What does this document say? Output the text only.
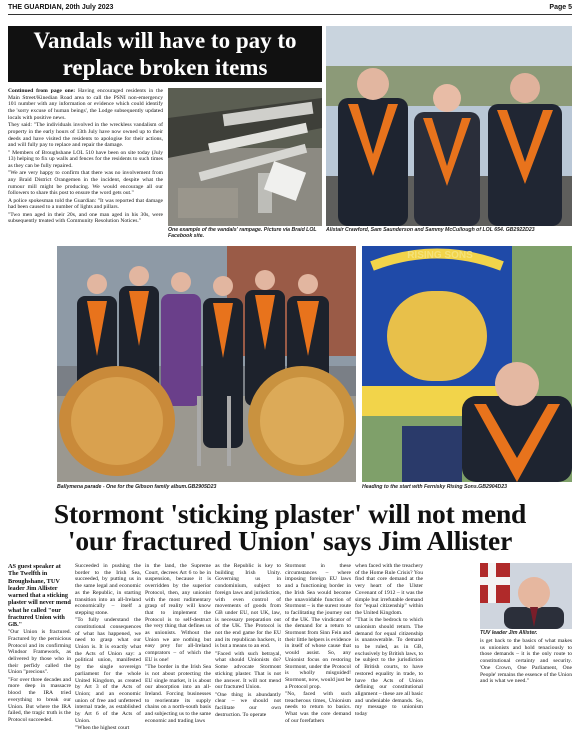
THE GUARDIAN, 20th July 2023	Page 5
Vandals will have to pay to
replace broken items

Continued from page one: Having encouraged residents in the Main Street/Kinedian Road area to call the PSNI non-emergency 101 number with any information or evidence which could identify the 'sorry excuse of human beings', the Lodge subsequently updated locals with positive news.

They said: "The individuals involved in the wreckless vandalism of property in the early hours of 13th July have now owned up to their deeds and have visited the residents to apologise for their actions, and will fully pay to replace and repair the damage.

" Members of Broughshane LOL 510 have been on site today (July 13) helping to fix up walls and fences for the residents to such times as they can be fully repaired.

"We are very happy to confirm that there was no involvement from any Braid District Orangemen in the incident, despite what the rumour mill might be producing. We would encourage all our followers to share this post to ensure the word gets out."

A police spokesman told the Guardian: "It was reported that damage had been caused to a number of lights and pillars.

"Two men aged in their 20s, and one man aged in his 30s, were subsequently treated with Community Resolution Notices."

One example of the vandals' rampage. Picture via Braid LOL Facebook site.
Alistair Crawford, Sam Saunderson and Sammy McCullough of LOL 654. GB2922D23
Ballymena parade - One for the Gibson family album.GB2905D23
RISING SONS
Heading to the start with Fernisky Rising Sons.GB2904D23
Stormont 'sticking plaster' will not mend
'our fractured Union' says Jim Allister

AS guest speaker at The Twelfth in Broughshane, TUV leader Jim Allister warned that a sticking plaster will never mend what he called "our fractured Union with GB."

"Our Union is fractured. Fractured by the pernicious Protocol and its confirming Windsor Framework, as delivered by those who in their perfidy called the Union "precious".

"For over three decades and more deep in massacre blood the IRA tried everything to break our Union. But where the IRA failed, the tragic truth is the Protocol succeeded.

Succeeded in pushing the border to the Irish Sea, succeeded, by putting us in the same legal and economic as the Republic, in starting transition into an all-Ireland economically – itself a stepping stone.

"To fully understand the constitutional consequences of what has happened, we need to grasp what our Union is. It is exactly what the Acts of Union say: a political union, manifested by the single sovereign parliament for the whole United Kingdom, as created by Art 3 of the Acts of Union; and an economic union of free and unfettered internal trade, as established by Art 6 of the Acts of Union.

"When the highest court

in the land, the Supreme Court, decrees Art 6 to be in suspension, because it is overridden by the superior Protocol, then, any unionist with the most rudimentary grasp of reality will know that to implement the Protocol is to self-destruct the very thing that defines us as unionists. Without the Union we are nothing but easy prey for all-Ireland comprators – of which the EU is one!

"The border in the Irish Sea is not about protecting the EU single market, it is about our absorption into an all-Ireland. Forcing businesses to reorientate its supply chains on a north-south basis and subjecting us to the same economic and trading laws

as the Republic is key to building Irish Unity. Governing us in condominium, subject to foreign laws and jurisdiction, with even control of movements of goods from GB under EU, not UK, law, is necessary preparation out of the UK. The Protocol is not the end game for the EU and its republican backers, it is but a means to an end.

"Faced with such betrayal, what should Unionists do? Some advocate Stormont sticking plaster. That is not the answer. It will not mend our fractured Union.

"One thing is abundantly clear – we should not facilitate our own destruction. To operate

Stormont in these circumstances – where imposing foreign EU laws and a functioning border in the Irish Sea would become the unavoidable function of Stormont – is the surest route to facilitating the journey out of the UK. The vindicator of the demand for a return to Stormont from Sinn Fein and their little helpers is evidence in itself of whose cause that would assist. So, any Unionist focus on restoring Stormont, under the Protocol is wholly misguided! Stormont, now, would just be a Protocol prop.

"No, faced with such treacherous times, Unionism needs to return to basics. What was the core demand of our forefathers

when faced with the treachery of the Home Rule Crisis? You find that core demand at the very heart of the Ulster Covenant of 1912 – it was the simple but irrefutable demand for "equal citizenship" within the United Kingdom.

"That is the bedrock to which unionism should return. The demand for equal citizenship is unanswerable. To demand to be ruled, as in GB, exclusively by British laws, to be subject to the jurisdiction of British courts, to have restored equality in trade, to have the Acts of Union defining our constitutional alignment – these are all basic and undeniable demands. So, my message to unionism today

TUV leader Jim Allister.

is get back to the basics of what makes us unionists and hold tenaciously to those demands – it is the only route to constitutional certainty and security. 'One Crown, One Parliament, One People' remains the essence of the Union and is what we need."
